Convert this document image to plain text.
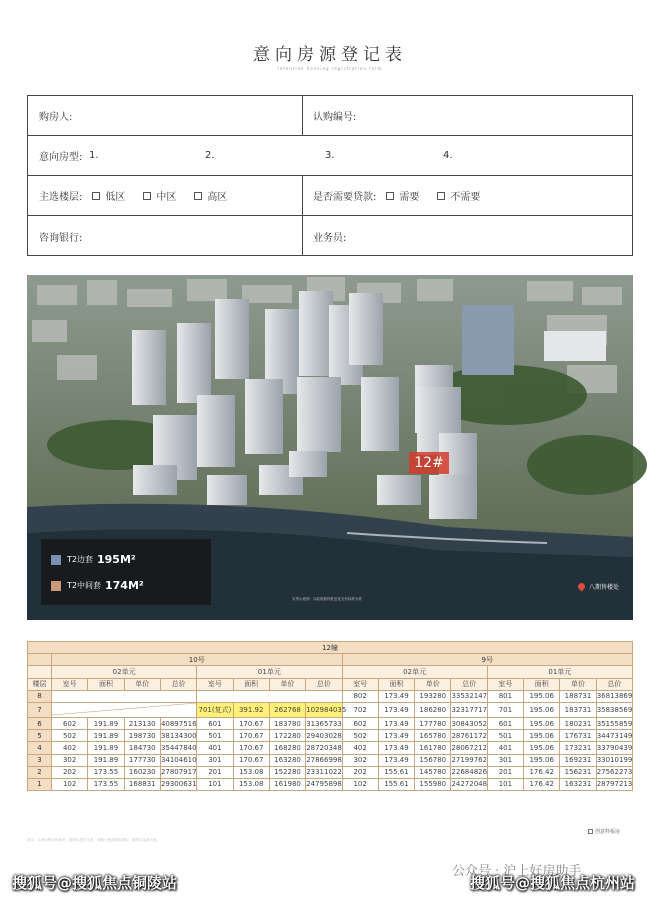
意向房源登记表
Intention housing registration form
购房人:	认购编号:
意向房型: 1.	2.	3.	4.
主选楼层: 低区	中区	高区	是否需要贷款: 需要	不需要
咨询银行:	业务员:
12#
T2边套 195M²
T2中间套 174M²	八期售楼处
实景示意图 · 以政府最终批复及交付标准为准
12幢																
	10号								9号							
	02单元				01单元				02单元				01单元			
楼层	室号	面积	单价	总价	室号	面积	单价	总价	室号	面积	单价	总价	室号	面积	单价	总价
8									802	173.49	193280	33532147	801	195.06	188731	36813869
7					701(复式)	391.92	262768	102984035	702	173.49	186280	32317717	701	195.06	183731	35838569
6	602	191.89	213130	40897516	601	170.67	183780	31365733	602	173.49	177780	30843052	601	195.06	180231	35155859
5	502	191.89	198730	38134300	501	170.67	172280	29403028	502	173.49	165780	28761172	501	195.06	176731	34473149
4	402	191.89	184730	35447840	401	170.67	168280	28720348	402	173.49	161780	28067212	401	195.06	173231	33790439
3	302	191.89	177730	34104610	301	170.67	163280	27866998	302	173.49	156780	27199762	301	195.06	169231	33010199
2	202	173.55	160230	27807917	201	153.08	152280	23311022	202	155.61	145780	22684826	201	176.42	156231	27562273
1	102	173.55	168831	29300631	101	153.08	161980	24795898	102	155.61	155980	24272048	101	176.42	163231	28797213
创意样板房
备注：本表价格仅供参考，最终以签约为准；面积为预测建筑面积，最终以实测为准。
公众号 · 沪上好房助手
搜狐号@搜狐焦点铜陵站	搜狐号@搜狐焦点杭州站
